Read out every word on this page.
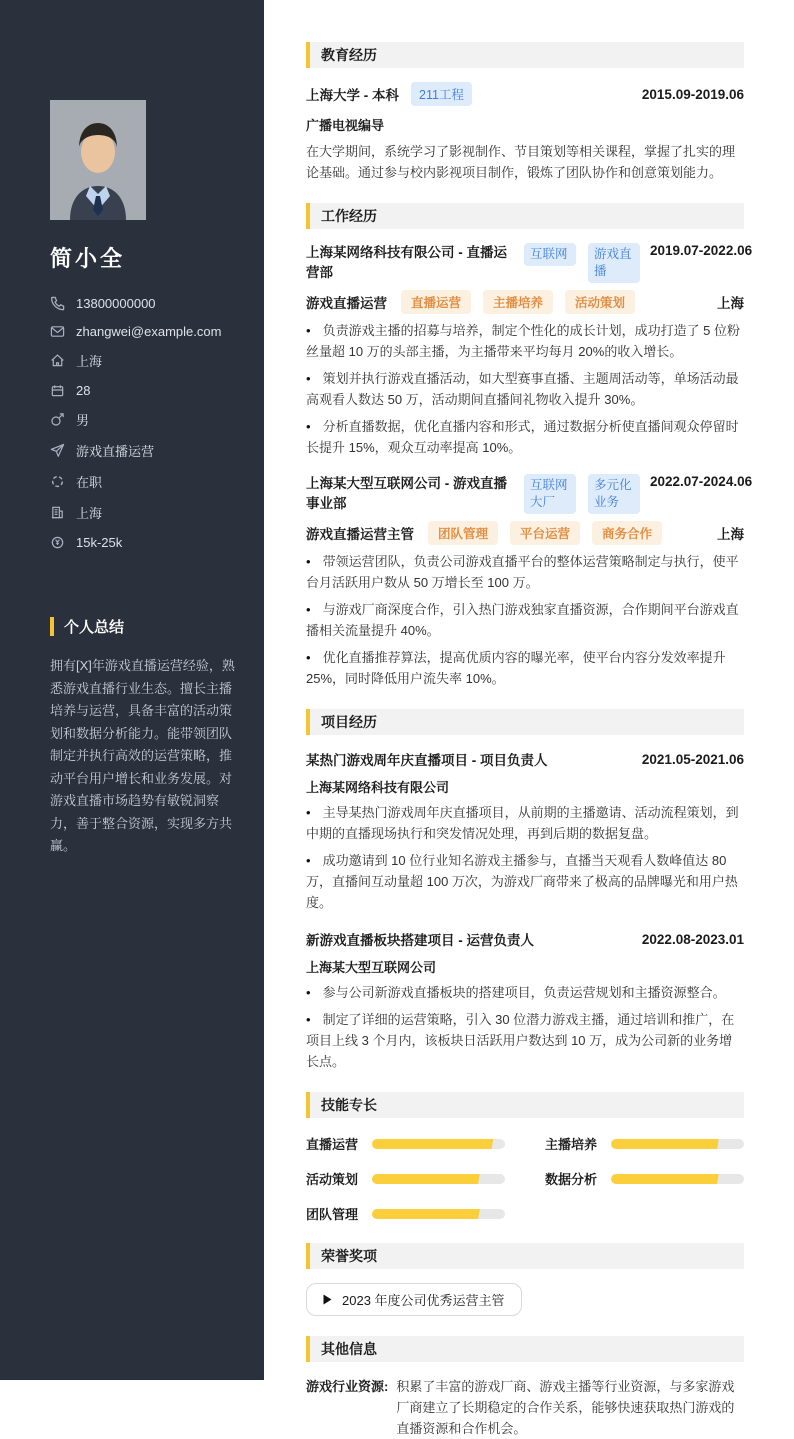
简小全
13800000000
zhangwei@example.com
上海
28
男
游戏直播运营
在职
上海
15k-25k
个人总结

拥有[X]年游戏直播运营经验，熟悉游戏直播行业生态。擅长主播培养与运营，具备丰富的活动策划和数据分析能力。能带领团队制定并执行高效的运营策略，推动平台用户增长和业务发展。对游戏直播市场趋势有敏锐洞察力，善于整合资源，实现多方共赢。

教育经历
上海大学 - 本科	211工程	2015.09-2019.06
广播电视编导

在大学期间，系统学习了影视制作、节目策划等相关课程，掌握了扎实的理论基础。通过参与校内影视项目制作，锻炼了团队协作和创意策划能力。

工作经历
上海某网络科技有限公司 - 直播运营部
互联网	游戏直播
2019.07-2022.06
游戏直播运营	直播运营	主播培养	活动策划	上海
• 负责游戏主播的招募与培养，制定个性化的成长计划，成功打造了 5 位粉丝量超 10 万的头部主播，为主播带来平均每月 20%的收入增长。
• 策划并执行游戏直播活动，如大型赛事直播、主题周活动等，单场活动最高观看人数达 50 万，活动期间直播间礼物收入提升 30%。
• 分析直播数据，优化直播内容和形式，通过数据分析使直播间观众停留时长提升 15%，观众互动率提高 10%。
上海某大型互联网公司 - 游戏直播事业部
互联网大厂
多元化业务
2022.07-2024.06
游戏直播运营主管	团队管理	平台运营	商务合作	上海
• 带领运营团队，负责公司游戏直播平台的整体运营策略制定与执行，使平台月活跃用户数从 50 万增长至 100 万。
• 与游戏厂商深度合作，引入热门游戏独家直播资源，合作期间平台游戏直播相关流量提升 40%。
• 优化直播推荐算法，提高优质内容的曝光率，使平台内容分发效率提升 25%，同时降低用户流失率 10%。
项目经历
某热门游戏周年庆直播项目 - 项目负责人	2021.05-2021.06
上海某网络科技有限公司
• 主导某热门游戏周年庆直播项目，从前期的主播邀请、活动流程策划，到中期的直播现场执行和突发情况处理，再到后期的数据复盘。
• 成功邀请到 10 位行业知名游戏主播参与，直播当天观看人数峰值达 80 万，直播间互动量超 100 万次，为游戏厂商带来了极高的品牌曝光和用户热度。
新游戏直播板块搭建项目 - 运营负责人	2022.08-2023.01
上海某大型互联网公司
• 参与公司新游戏直播板块的搭建项目，负责运营规划和主播资源整合。
• 制定了详细的运营策略，引入 30 位潜力游戏主播，通过培训和推广，在项目上线 3 个月内，该板块日活跃用户数达到 10 万，成为公司新的业务增长点。
技能专长
直播运营	主播培养
活动策划	数据分析
团队管理
荣誉奖项
2023 年度公司优秀运营主管
其他信息
游戏行业资源: 积累了丰富的游戏厂商、游戏主播等行业资源，与多家游戏厂商建立了长期稳定的合作关系，能够快速获取热门游戏的直播资源和合作机会。
